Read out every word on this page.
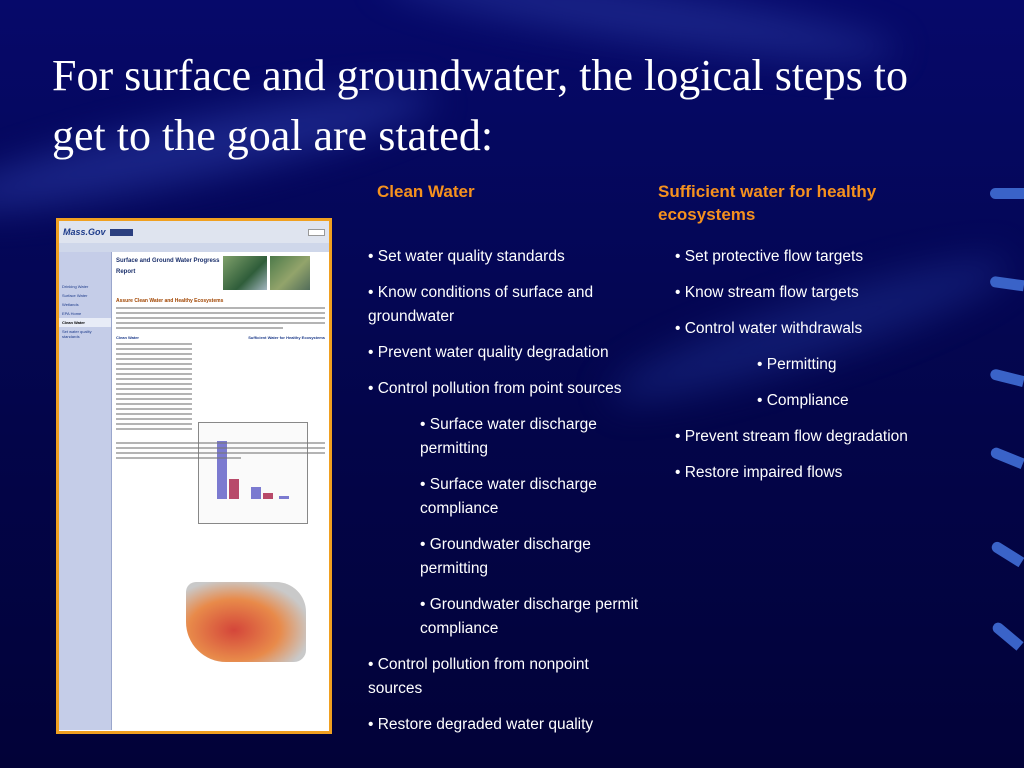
For surface and groundwater, the logical steps to get to the goal are stated:
Mass.Gov

Drinking Water
Surface Water
Wetlands
EPA Home
Clean Water
Set water quality standards
Surface and Ground Water Progress Report
Assure Clean Water and Healthy Ecosystems
Clean Water	Sufficient Water for Healthy Ecosystems
Clean Water	Sufficient water for healthy ecosystems
• Set water quality standards
• Know conditions of surface and groundwater
• Prevent water quality degradation
• Control pollution from point sources
• Surface water discharge permitting
• Surface water discharge compliance
• Groundwater discharge permitting
• Groundwater discharge permit compliance
• Control pollution from nonpoint sources
• Restore degraded water quality
• Set protective flow targets
• Know stream flow targets
• Control water withdrawals
• Permitting
• Compliance
• Prevent stream flow degradation
• Restore impaired flows
